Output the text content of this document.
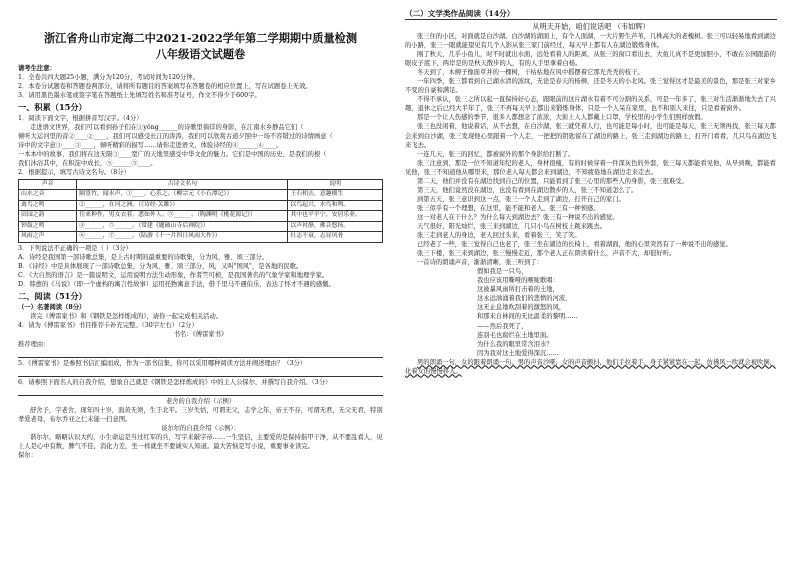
浙江省舟山市定海二中2021-2022学年第二学期期中质量检测
八年级语文试题卷
请考生注意：
1．全卷共四大题25小题，满分为120分，考试时间为120分钟。
2．本卷分试题卷和答题卷两部分，请将所有题目的答案填写在答题卷的相应位置上，写在试题卷上无效。
3．请用黑色墨水笔或签字笔在答题纸上先填写姓名和准考证号，作文不得少于600字。
一、积累（15分）
1．阅读下面文字，根据拼音写汉字。（4分）
走进语文世界，我们可以看到孙子们在①yǒng______的诗歌里徜徉的身影，在江南水乡静品它们（
倾听大运河里的音②____②____，我们可以感受长江的涛涛，我们可以欣赏古道夕照中一场不容错过的诗情画意（
诗中的文字意③____③____，倾听精彩的描写……请你走进语文，体验诗经的④______④____。
一本本中的故事，我们将在这无限③____宽广的天地里感受中华文化的魅力。它们是中国的历史、是我们的根（
我们沐浴其中，在积淀中成长，⑤______⑤____。
2．根据提示，填写古诗文名句。（8分）
声音	古诗文名句	说明
山水之音	隔篁竹，闻水声，①____，心乐之。（柳宗元《小石潭记》）	王石相击，意趣横生
禽鸟之鸣	②______，在河之洲。（《诗经·关雎》）	以鸟起兴，水鸟和鸣。
田园之韵	往来种作，男女衣着，悉如外人。③______。（陶渊明《桃花源记》）	其中也平平宁，安居乐业。
钟鼓之鸣	④______，⑤______。（常建《题破山寺后禅院》）	以声衬静，佛音悠扬。
风雨之声	⑥______，⑦______。（陆游《十一月四日风雨大作》）	壮志不衰，志显风骨
3．下列说法不正确的一项是（ ）（3分）
A．诗经是我国第一部诗歌总集，是上古时期的最重要的诗歌集，分为风、雅、颂三部分。
B．《诗经》中是具体展现了一部诗歌总集，分为风、雅、颂三部分，风，又叫"国风"，是各地的民歌。
C．《大自然的语言》是一篇说明文，运用说明方法生动形象，作者竺可桢，是我国著名的气象学家和地理学家。
D．韩愈的《马说》（即一个虚构的寓言性故事）运用托物寓意手法，借千里马不遇伯乐，表达了怀才不遇的感慨。
二、阅读（51分）
（一）名著阅读（8分）
读完《傅雷家书》和《钢铁是怎样炼成的》，请你一起完成相关活动。
4．请为《傅雷家书》书目推荐卡补充完整。（30字左右）（2分）
书名：《傅雷家书》
推荐理由：
5．《傅雷家书》是参照书信汇编而成，作为一部书信集，你可以采用哪种阅读方法并阐述理由？（3分）
6．请参照下面名人的自我介绍，想象自己就是《钢铁是怎样炼成的》中的主人公保尔，并撰写自我介绍。（3分）
老舍的自我介绍（示例）
舒舍予，字老舍，现年四十岁，面黄无须，生于北平。三岁失怙，可谓无父，志学之年，帝王不存，可谓无君，无父无君，特别孝爱老母，布尔乔亚之仁未能一扫意图。
谈尔尔的自我介绍（示例）：
谐尔尔，略略认识大约，小生命运是当过红军的兵，写字来敲字帝……一生坚信，主要爱的是保持指甲干净，从不要乱看人，见上人是心中有数，脾气不佳，消化力差，坐一样就坐不要诚实人知道。最大苦恼是写小说，重要事业读完。
保尔：
（二）文学类作品阅读（14分）
从明天开始，咱们说话吧 （韦如辉）
张三住的小区，对面就是白沙湖。白沙湖的湖面上，有个人面湖，一大片野生芦苇，几株高大的老槐树。张三可以轻易地看到湖边的小路，张三一眼就能望见有几个人影从张三家门前经过，每天早上都有人在湖边锻炼身体。
刚了秋天，几乎小鱼儿，时不时就出水面，远处看着人的距离，从张三的窗口看出去，大鱼儿真不是更加胆小，不敢在公园跟游的眼皮子底下，两岸是的是秋天散步的人，有的人手里拿着白杨。
冬天到了，木柳子像面草并的一棵树，干枯枯地在风中摇摆着它那光秃秃的枝干。
一年四季，张三都看到自己湖水清的波纹，无论是春天的杨柳，还是冬天的小北风。张三觉得这才是最美的景色，那是张三对家乡不变的自豪和满足。
不得不承认，张三之所以起一直保持好心态，跟眼前的这片湖水有着不可分割的关系，可是一年多了，张三对生活渐渐地失去了兴趣，退休之后已经大半年了，张三不再每天早上都出来锻炼身体，只是一个人呆在家里，也不和别人来往，只是看着窗外。
那是一个让人伤感的季节，很多人都想念了浓浓，大街上人人都戴上口罩，学校里的小学生们照样放假。
张三也没闲着，他说着话，从不去想，在白沙湖，张三就凭着人行，也可能是每小时，也可能是每天，张三无须再找，张三每天都会来到白沙湖，张三发现他心里跟着一个人走，一把把的钥匙留在了湖边的路上，张三走到湖边的路上，打开门看看，几只鸟在湖边飞来飞去。
一连几天，张三的回忆，都被窗外的那个身影给打断了。
张三注意到，那是一位不知道年纪的老人，身材很瘦，有的时候穿着一件深灰色的外套，张三每天都能看见他，从早到晚，都能看见他，张三不知道他从哪里来，那位老人每天都会来到湖边，不知疲倦地在湖边走来走去。
第二天，他们并没有在湖边找到自己的位置，只能看到了张三心里的那些人的身影，张三很难受。
第三天，他们竟然没在湖边，也没有看到在湖边散步的人，张三不知道怎么了。
到第五天，张三意识到这一点，张三一个人走到了湖边，打开自己的家门。
张三似乎有一个理想，在这里，能不能和老人，张三有一种预感。
这一对老人在干什么？为什么每天到湖边去？张三有一种说不出的感觉。
天气很好，阳光灿烂，张三来到湖边，几只小鸟在树枝上跳来跳去。
张三走到老人的身边，老人回过头来，看着张三，笑了笑。
已经老了一些，张三觉得自己也老了，张三坐在湖边的长椅上，看着湖面，他的心里突然有了一种说不出的感觉。
张三下楼，张三来到湖边，张三慢慢走近，那个老人正在朗读着什么，声音不大，却很好听。
一首诗的朗诵声音，渐渐清晰，张三听到了：
假如我是一只鸟，
我也应该用嘶哑的喉咙歌唱：
这被暴风雨所打击着的土地，
这永远汹涌着我们的悲愤的河流，
这无止息地吹刮着的激怒的风，
和那来自林间的无比温柔的黎明……
——然后我死了，
连羽毛也腐烂在土地里面。
为什么我的眼里常含泪水？
因为我对这土地爱得深沉……
男的朗诵一句，女的跟着朗诵一句。男的声音沙哑，女的声音颤抖，他们手拉着手，身子紧紧靠在一起，仿佛风一吹就会被吹倒，化着女的慢慢移入。
